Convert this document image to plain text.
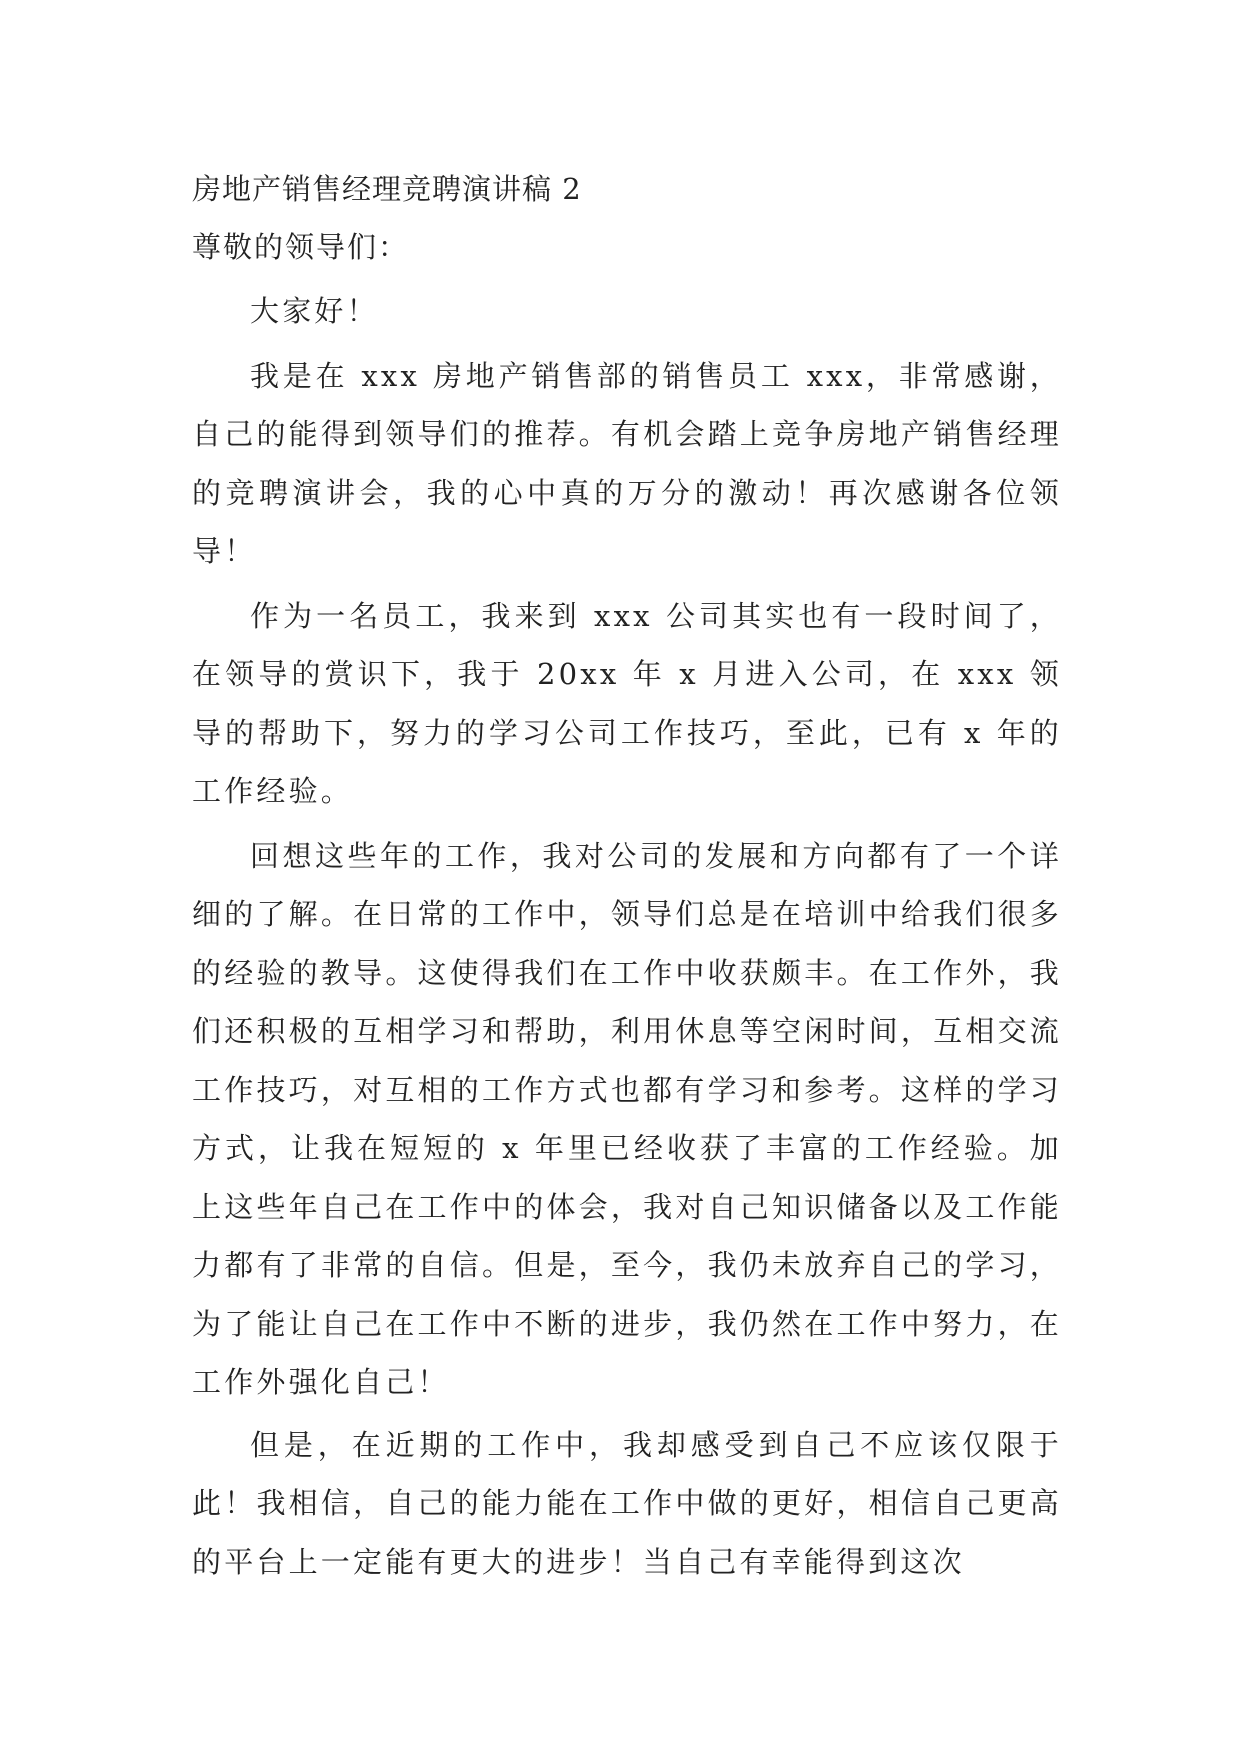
房地产销售经理竞聘演讲稿 2

尊敬的领导们：

大家好！

我是在 xxx 房地产销售部的销售员工 xxx，非常感谢，自己的能得到领导们的推荐。有机会踏上竞争房地产销售经理的竞聘演讲会，我的心中真的万分的激动！再次感谢各位领导！

作为一名员工，我来到 xxx 公司其实也有一段时间了，在领导的赏识下，我于 20xx 年 x 月进入公司，在 xxx 领导的帮助下，努力的学习公司工作技巧，至此，已有 x 年的工作经验。

回想这些年的工作，我对公司的发展和方向都有了一个详细的了解。在日常的工作中，领导们总是在培训中给我们很多的经验的教导。这使得我们在工作中收获颇丰。在工作外，我们还积极的互相学习和帮助，利用休息等空闲时间，互相交流工作技巧，对互相的工作方式也都有学习和参考。这样的学习方式，让我在短短的 x 年里已经收获了丰富的工作经验。加上这些年自己在工作中的体会，我对自己知识储备以及工作能力都有了非常的自信。但是，至今，我仍未放弃自己的学习，为了能让自己在工作中不断的进步，我仍然在工作中努力，在工作外强化自己！

但是，在近期的工作中，我却感受到自己不应该仅限于此！我相信，自己的能力能在工作中做的更好，相信自己更高的平台上一定能有更大的进步！当自己有幸能得到这次
